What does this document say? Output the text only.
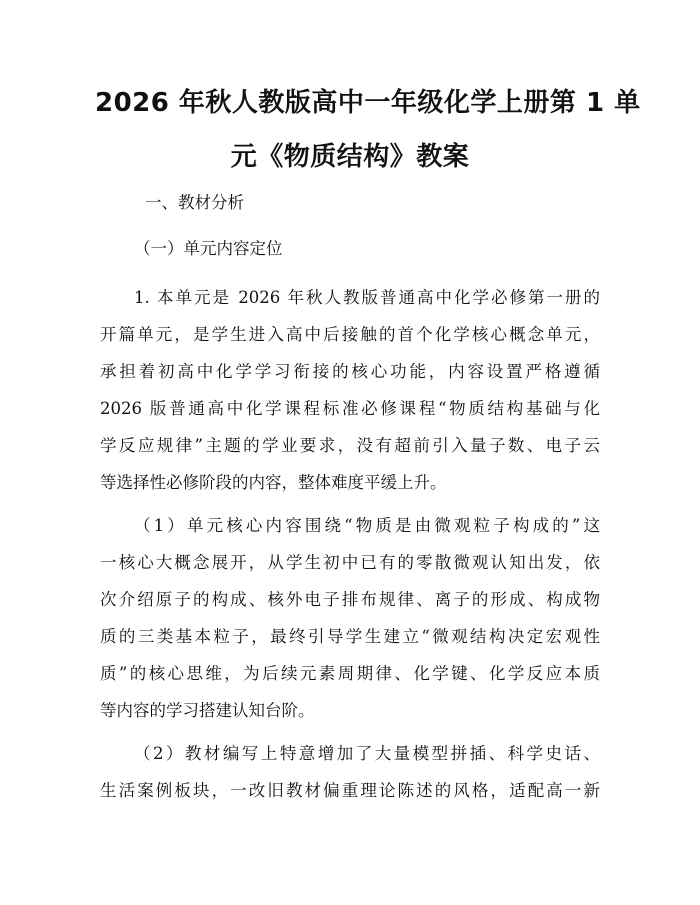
2026 年秋人教版高中一年级化学上册第 1 单
元《物质结构》教案
一、教材分析
（一）单元内容定位
1. 本单元是 2026 年秋人教版普通高中化学必修第一册的
开篇单元，是学生进入高中后接触的首个化学核心概念单元，
承担着初高中化学学习衔接的核心功能，内容设置严格遵循
2026 版普通高中化学课程标准必修课程“物质结构基础与化
学反应规律”主题的学业要求，没有超前引入量子数、电子云
等选择性必修阶段的内容，整体难度平缓上升。
（1）单元核心内容围绕“物质是由微观粒子构成的”这
一核心大概念展开，从学生初中已有的零散微观认知出发，依
次介绍原子的构成、核外电子排布规律、离子的形成、构成物
质的三类基本粒子，最终引导学生建立“微观结构决定宏观性
质”的核心思维，为后续元素周期律、化学键、化学反应本质
等内容的学习搭建认知台阶。
（2）教材编写上特意增加了大量模型拼插、科学史话、
生活案例板块，一改旧教材偏重理论陈述的风格，适配高一新
